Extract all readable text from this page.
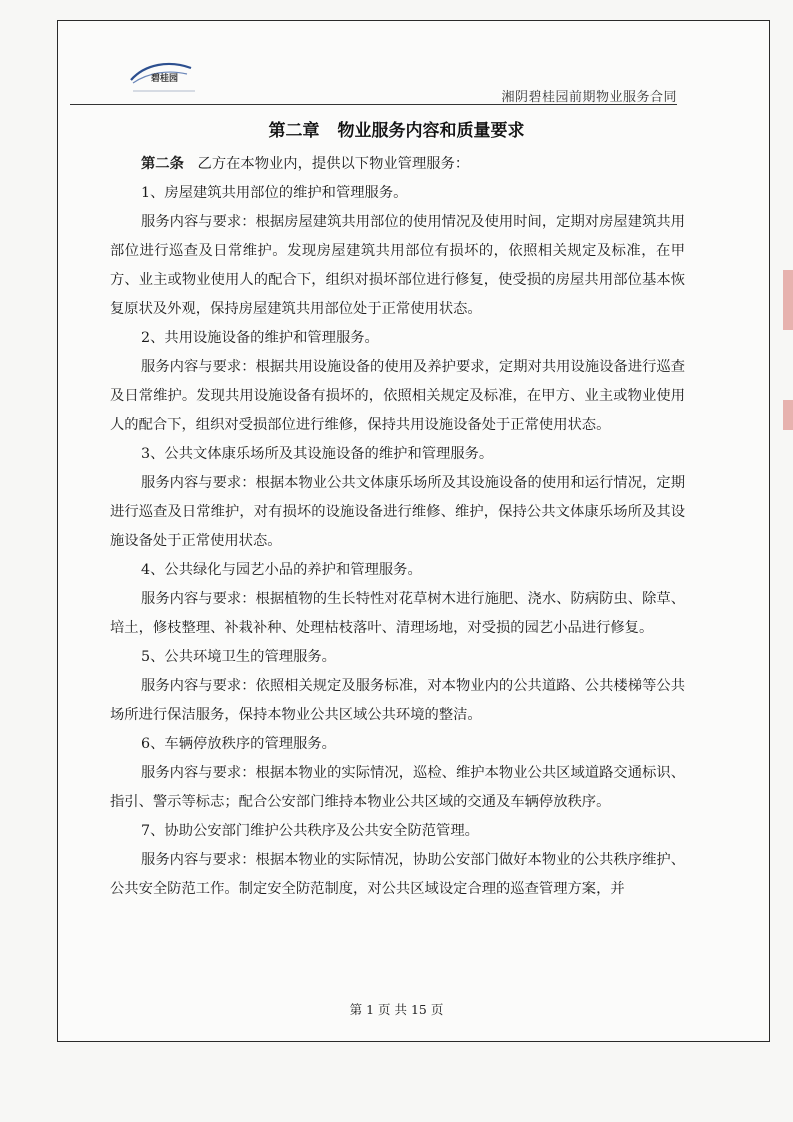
碧桂园
湘阴碧桂园前期物业服务合同
第二章 物业服务内容和质量要求

第二条 乙方在本物业内，提供以下物业管理服务：

1、房屋建筑共用部位的维护和管理服务。

服务内容与要求：根据房屋建筑共用部位的使用情况及使用时间，定期对房屋建筑共用部位进行巡查及日常维护。发现房屋建筑共用部位有损坏的，依照相关规定及标准，在甲方、业主或物业使用人的配合下，组织对损坏部位进行修复，使受损的房屋共用部位基本恢复原状及外观，保持房屋建筑共用部位处于正常使用状态。

2、共用设施设备的维护和管理服务。

服务内容与要求：根据共用设施设备的使用及养护要求，定期对共用设施设备进行巡查及日常维护。发现共用设施设备有损坏的，依照相关规定及标准，在甲方、业主或物业使用人的配合下，组织对受损部位进行维修，保持共用设施设备处于正常使用状态。

3、公共文体康乐场所及其设施设备的维护和管理服务。

服务内容与要求：根据本物业公共文体康乐场所及其设施设备的使用和运行情况，定期进行巡查及日常维护，对有损坏的设施设备进行维修、维护，保持公共文体康乐场所及其设施设备处于正常使用状态。

4、公共绿化与园艺小品的养护和管理服务。

服务内容与要求：根据植物的生长特性对花草树木进行施肥、浇水、防病防虫、除草、培土，修枝整理、补栽补种、处理枯枝落叶、清理场地，对受损的园艺小品进行修复。

5、公共环境卫生的管理服务。

服务内容与要求：依照相关规定及服务标准，对本物业内的公共道路、公共楼梯等公共场所进行保洁服务，保持本物业公共区域公共环境的整洁。

6、车辆停放秩序的管理服务。

服务内容与要求：根据本物业的实际情况，巡检、维护本物业公共区域道路交通标识、指引、警示等标志；配合公安部门维持本物业公共区域的交通及车辆停放秩序。

7、协助公安部门维护公共秩序及公共安全防范管理。

服务内容与要求：根据本物业的实际情况，协助公安部门做好本物业的公共秩序维护、公共安全防范工作。制定安全防范制度，对公共区域设定合理的巡查管理方案，并

第 1 页 共 15 页
